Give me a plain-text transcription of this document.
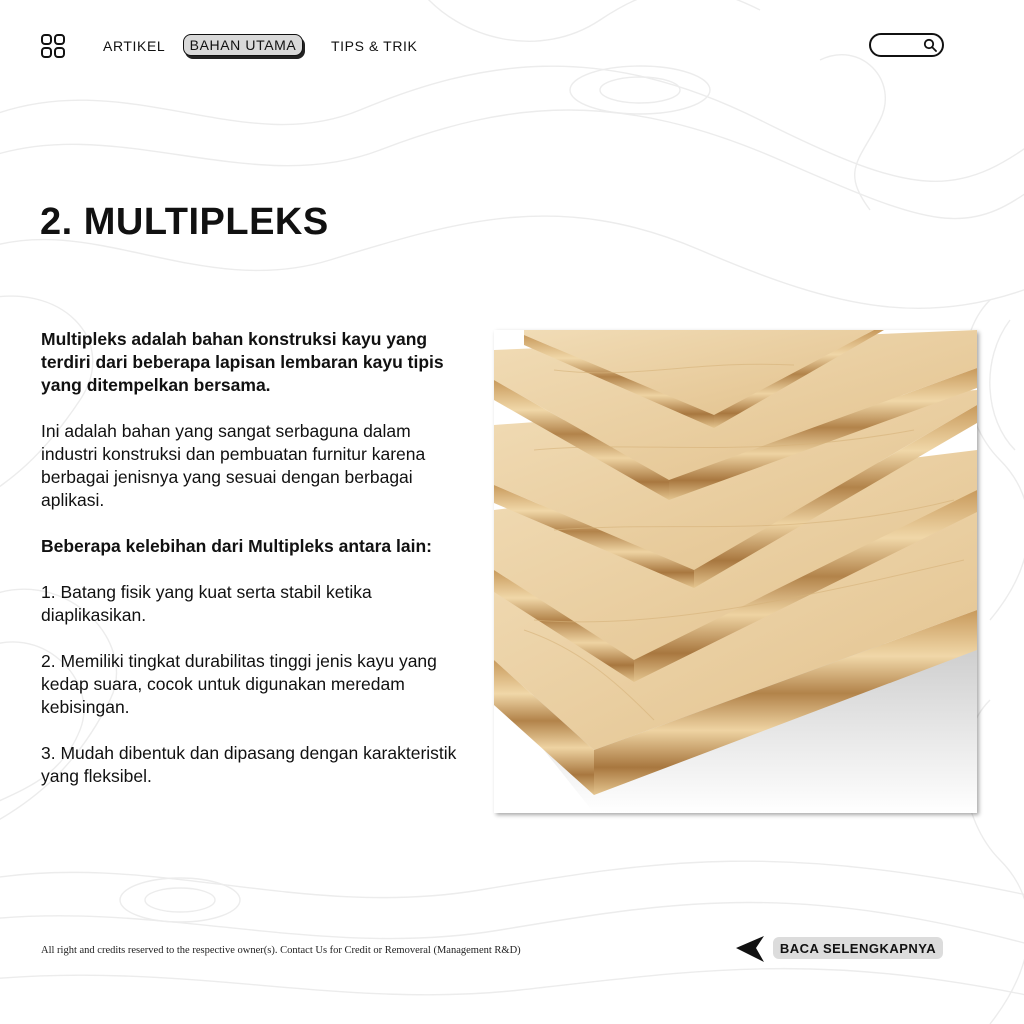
ARTIKEL BAHAN UTAMA TIPS & TRIK
2. MULTIPLEKS

Multipleks adalah bahan konstruksi kayu yang terdiri dari beberapa lapisan lembaran kayu tipis yang ditempelkan bersama.

Ini adalah bahan yang sangat serbaguna dalam industri konstruksi dan pembuatan furnitur karena berbagai jenisnya yang sesuai dengan berbagai aplikasi.

Beberapa kelebihan dari Multipleks antara lain:

1. Batang fisik yang kuat serta stabil ketika diaplikasikan.

2. Memiliki tingkat durabilitas tinggi jenis kayu yang kedap suara, cocok untuk digunakan meredam kebisingan.

3. Mudah dibentuk dan dipasang dengan karakteristik yang fleksibel.

All right and credits reserved to the respective owner(s). Contact Us for Credit or Removeral (Management R&D)	BACA SELENGKAPNYA
